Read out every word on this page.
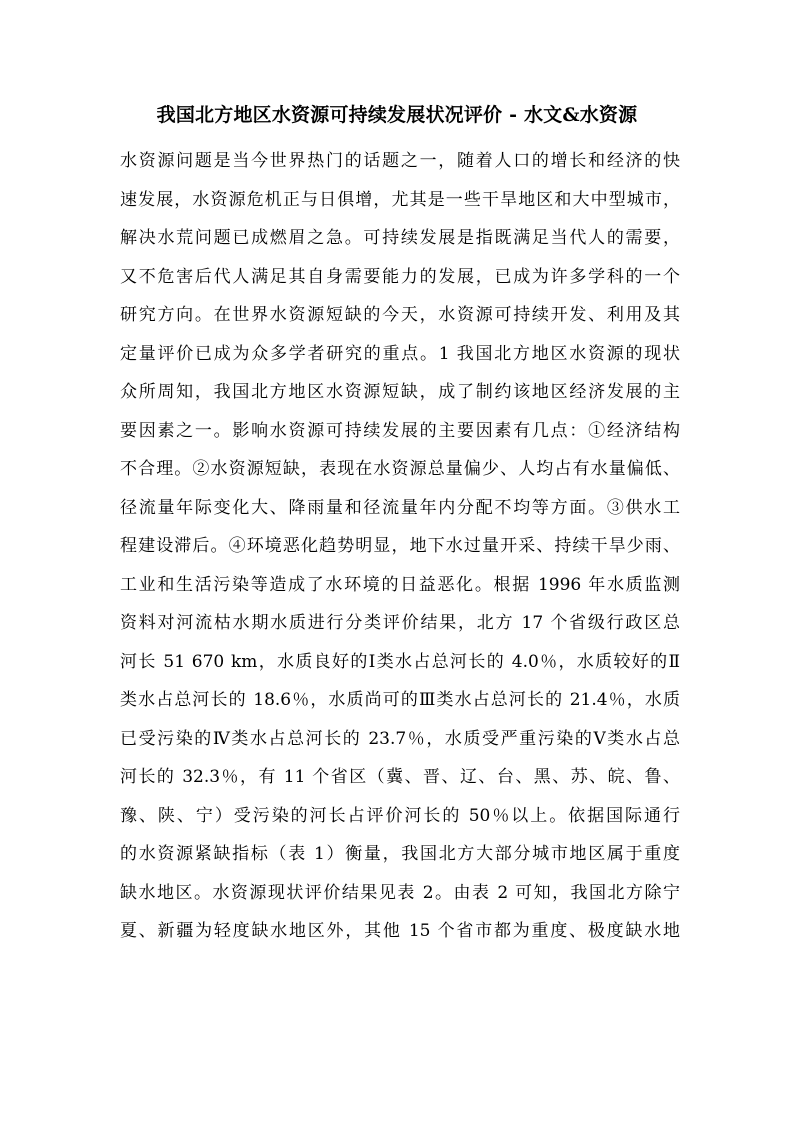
我国北方地区水资源可持续发展状况评价 - 水文&水资源
水资源问题是当今世界热门的话题之一，随着人口的增长和经济的快
速发展，水资源危机正与日俱增，尤其是一些干旱地区和大中型城市，
解决水荒问题已成燃眉之急。可持续发展是指既满足当代人的需要，
又不危害后代人满足其自身需要能力的发展，已成为许多学科的一个
研究方向。在世界水资源短缺的今天，水资源可持续开发、利用及其
定量评价已成为众多学者研究的重点。1 我国北方地区水资源的现状
众所周知，我国北方地区水资源短缺，成了制约该地区经济发展的主
要因素之一。影响水资源可持续发展的主要因素有几点：①经济结构
不合理。②水资源短缺，表现在水资源总量偏少、人均占有水量偏低、
径流量年际变化大、降雨量和径流量年内分配不均等方面。③供水工
程建设滞后。④环境恶化趋势明显，地下水过量开采、持续干旱少雨、
工业和生活污染等造成了水环境的日益恶化。根据 1996 年水质监测
资料对河流枯水期水质进行分类评价结果，北方 17 个省级行政区总
河长 51 670 km，水质良好的Ⅰ类水占总河长的 4.0％，水质较好的Ⅱ
类水占总河长的 18.6％，水质尚可的Ⅲ类水占总河长的 21.4％，水质
已受污染的Ⅳ类水占总河长的 23.7％，水质受严重污染的Ⅴ类水占总
河长的 32.3％，有 11 个省区（冀、晋、辽、台、黑、苏、皖、鲁、
豫、陕、宁）受污染的河长占评价河长的 50％以上。依据国际通行
的水资源紧缺指标（表 1）衡量，我国北方大部分城市地区属于重度
缺水地区。水资源现状评价结果见表 2。由表 2 可知，我国北方除宁
夏、新疆为轻度缺水地区外，其他 15 个省市都为重度、极度缺水地
